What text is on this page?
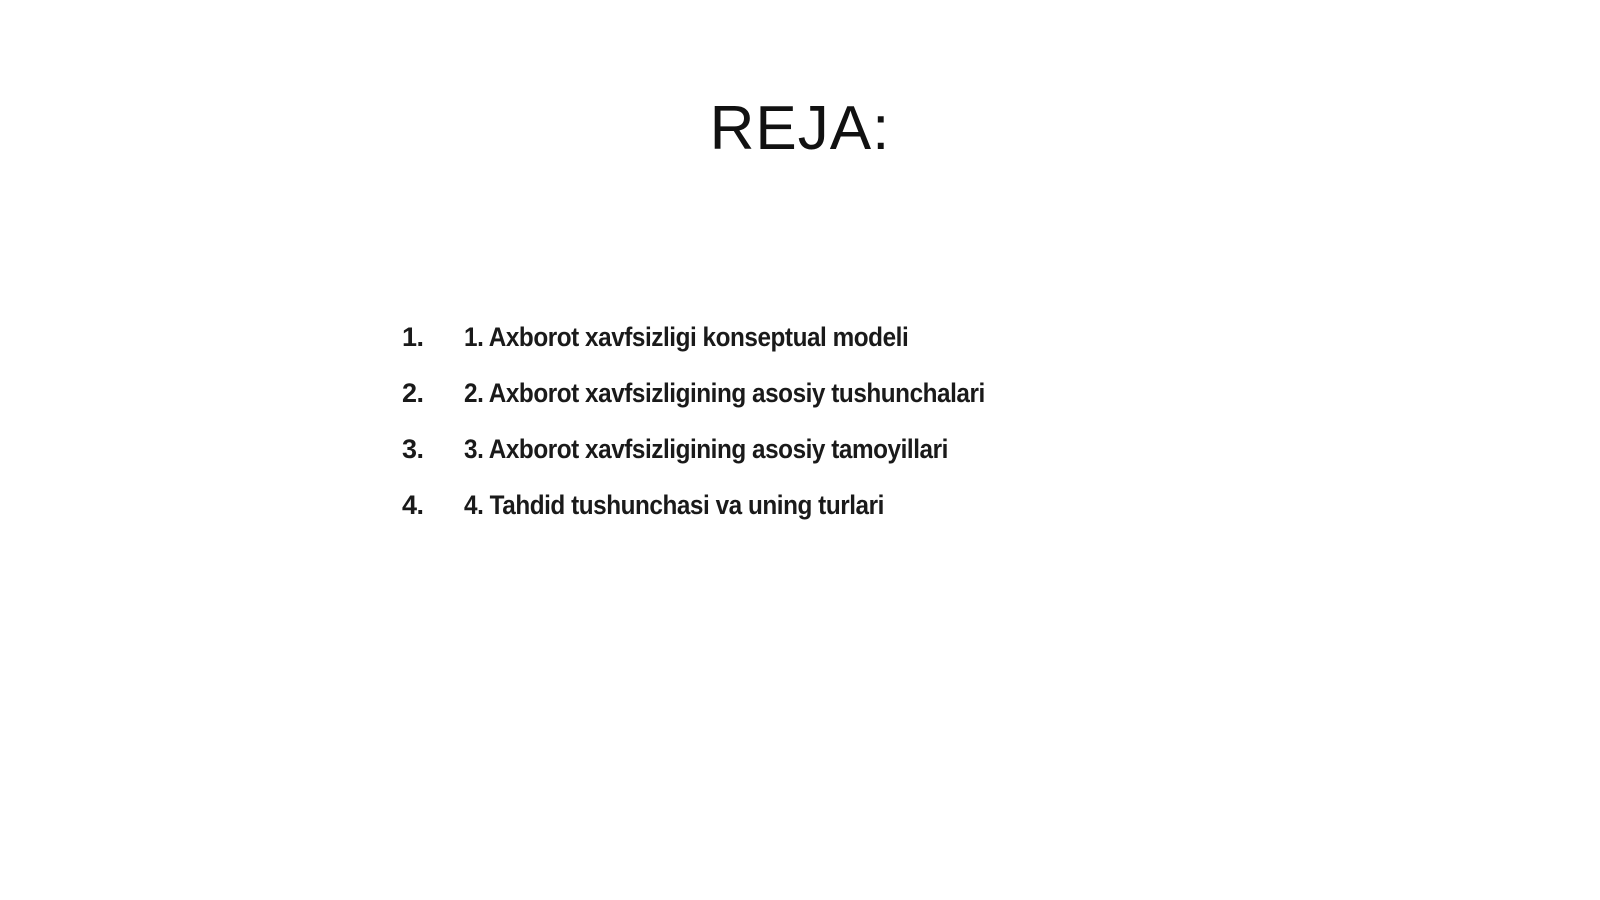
REJA:
1.	1. Axborot xavfsizligi konseptual modeli
2.	2. Axborot xavfsizligining asosiy tushunchalari
3.	3. Axborot xavfsizligining asosiy tamoyillari
4.	4. Tahdid tushunchasi va uning turlari
